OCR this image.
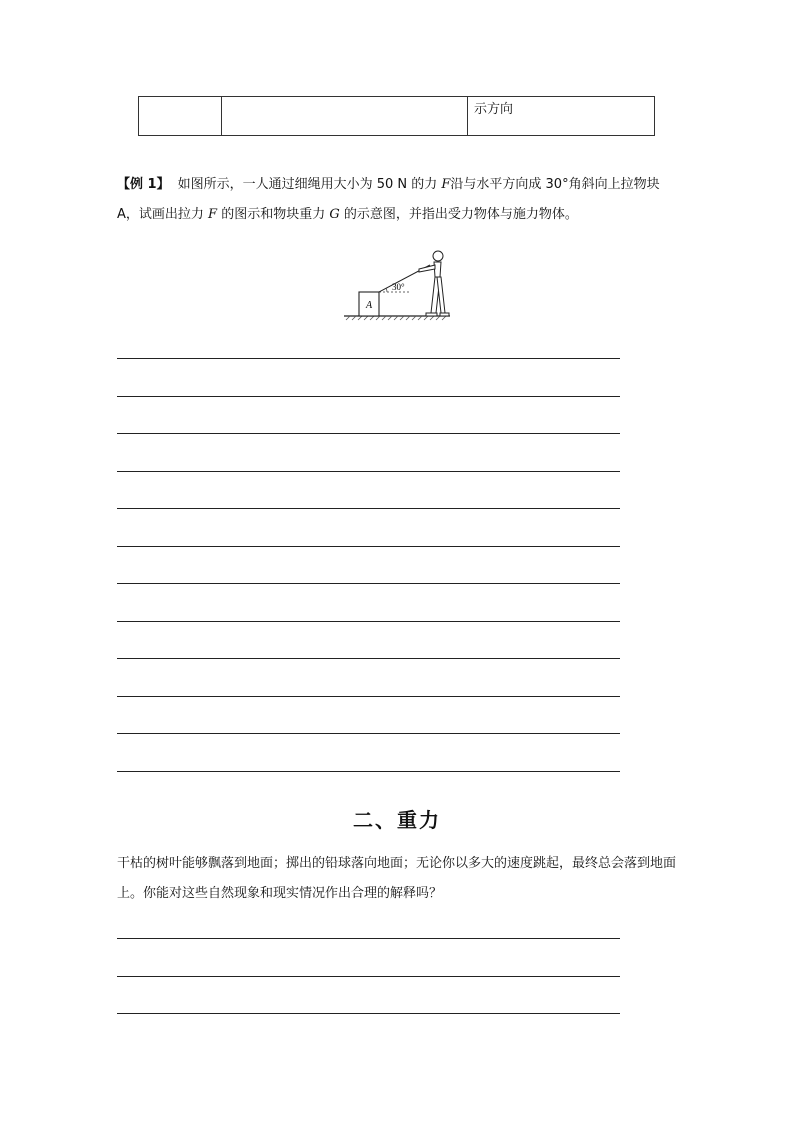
		示方向
【例 1】 如图所示，一人通过细绳用大小为 50 N 的力 F沿与水平方向成 30°角斜向上拉物块 A，试画出拉力 F 的图示和物块重力 G 的示意图，并指出受力物体与施力物体。
A
30°
二、重力
干枯的树叶能够飘落到地面；掷出的铅球落向地面；无论你以多大的速度跳起，最终总会落到地面上。你能对这些自然现象和现实情况作出合理的解释吗？
